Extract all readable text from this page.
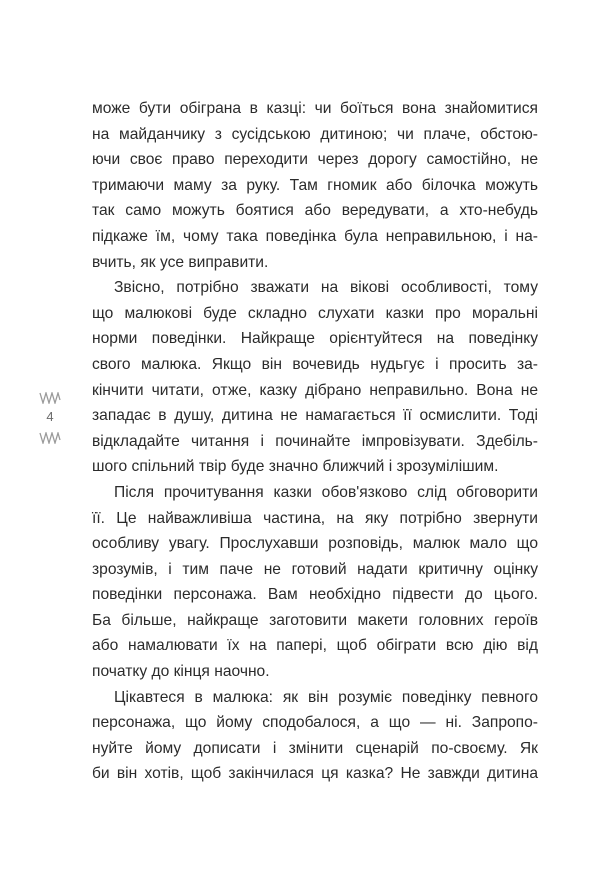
4
може бути обіграна в казці: чи боїться вона знайомитися
на майданчику з сусідською дитиною; чи плаче, обстою-
ючи своє право переходити через дорогу самостійно, не
тримаючи маму за руку. Там гномик або білочка можуть
так само можуть боятися або вередувати, а хто-небудь
підкаже їм, чому така поведінка була неправильною, і на-
вчить, як усе виправити.
Звісно, потрібно зважати на вікові особливості, тому
що малюкові буде складно слухати казки про моральні
норми поведінки. Найкраще орієнтуйтеся на поведінку
свого малюка. Якщо він вочевидь нудьгує і просить за-
кінчити читати, отже, казку дібрано неправильно. Вона не
западає в душу, дитина не намагається її осмислити. Тоді
відкладайте читання і починайте імпровізувати. Здебіль-
шого спільний твір буде значно ближчий і зрозумілішим.
Після прочитування казки обов'язково слід обговорити
її. Це найважливіша частина, на яку потрібно звернути
особливу увагу. Прослухавши розповідь, малюк мало що
зрозумів, і тим паче не готовий надати критичну оцінку
поведінки персонажа. Вам необхідно підвести до цього.
Ба більше, найкраще заготовити макети головних героїв
або намалювати їх на папері, щоб обіграти всю дію від
початку до кінця наочно.
Цікавтеся в малюка: як він розуміє поведінку певного
персонажа, що йому сподобалося, а що — ні. Запропо-
нуйте йому дописати і змінити сценарій по-своєму. Як
би він хотів, щоб закінчилася ця казка? Не завжди дитина
